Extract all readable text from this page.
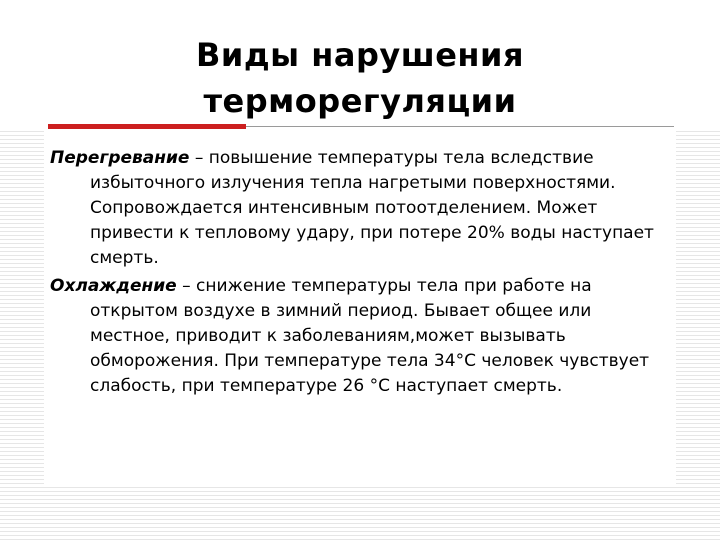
Виды нарушения
терморегуляции

Перегревание – повышение температуры тела вследствие избыточного излучения тепла нагретыми поверхностями. Сопровождается интенсивным потоотделением. Может привести к тепловому удару, при потере 20% воды наступает смерть.

Охлаждение – снижение температуры тела при работе на открытом воздухе в зимний период. Бывает общее или местное, приводит к заболеваниям,может вызывать обморожения. При температуре тела 34°С человек чувствует слабость, при температуре 26 °С наступает смерть.
